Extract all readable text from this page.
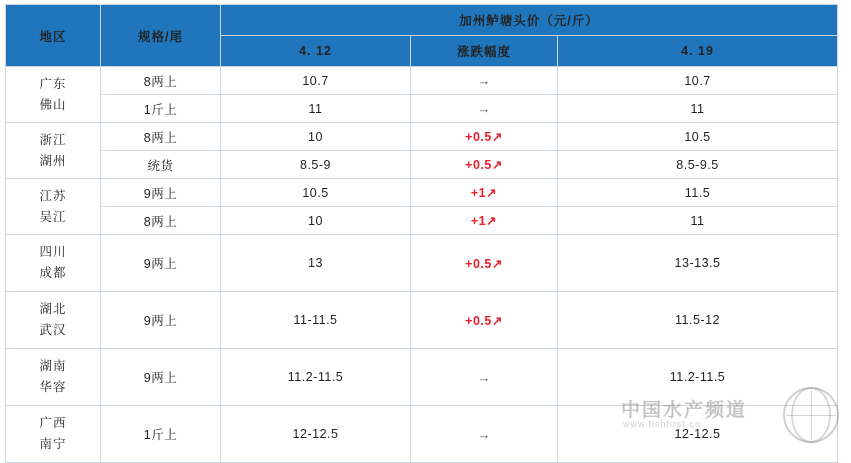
地区	规格/尾	加州鲈塘头价（元/斤）		
		4. 12	涨跌幅度	4. 19

广东
佛山	8两上	10.7	→	10.7
	1斤上	11	→	11

浙江
湖州	8两上	10	+0.5↗	10.5
	统货	8.5-9	+0.5↗	8.5-9.5

江苏
吴江	9两上	10.5	+1↗	11.5
	8两上	10	+1↗	11

四川
成都	9两上	13	+0.5↗	13-13.5

湖北
武汉	9两上	11-11.5	+0.5↗	11.5-12

湖南
华容	9两上	11.2-11.5	→	11.2-11.5

广西
南宁	1斤上	12-12.5	→	12-12.5
中国水产频道
www.fishfirst.cn
